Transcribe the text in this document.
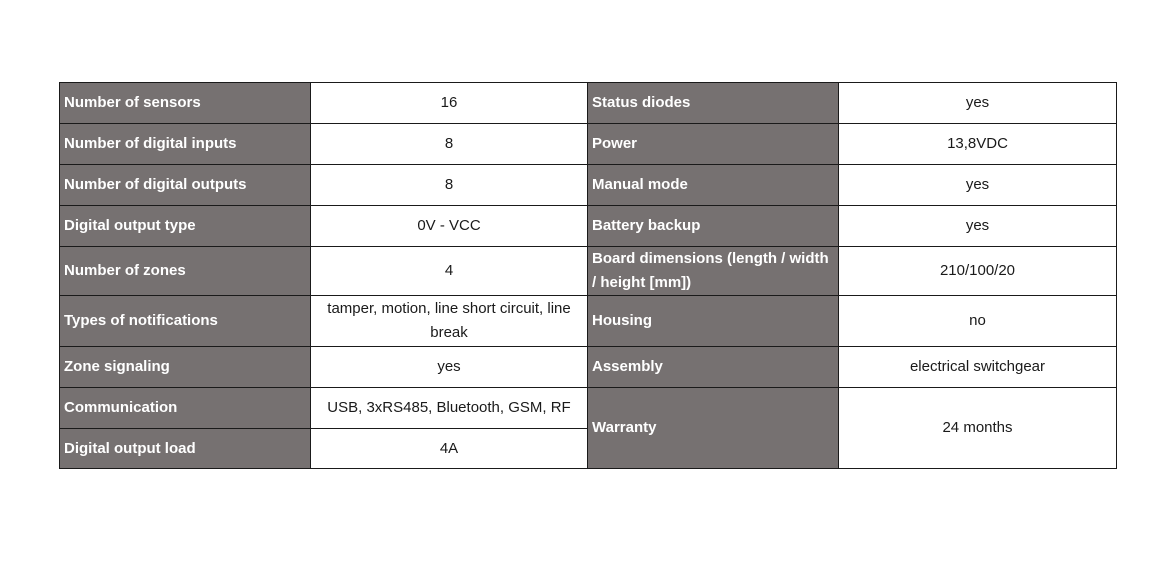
Number of sensors	16	Status diodes	yes
Number of digital inputs	8	Power	13,8VDC
Number of digital outputs	8	Manual mode	yes
Digital output type	0V - VCC	Battery backup	yes
Number of zones	4	Board dimensions (length / width / height [mm])	210/100/20
Types of notifications	tamper, motion, line short circuit, line break	Housing	no
Zone signaling	yes	Assembly	electrical switchgear
Communication	USB, 3xRS485, Bluetooth, GSM, RF	Warranty	24 months
Digital output load	4A		
